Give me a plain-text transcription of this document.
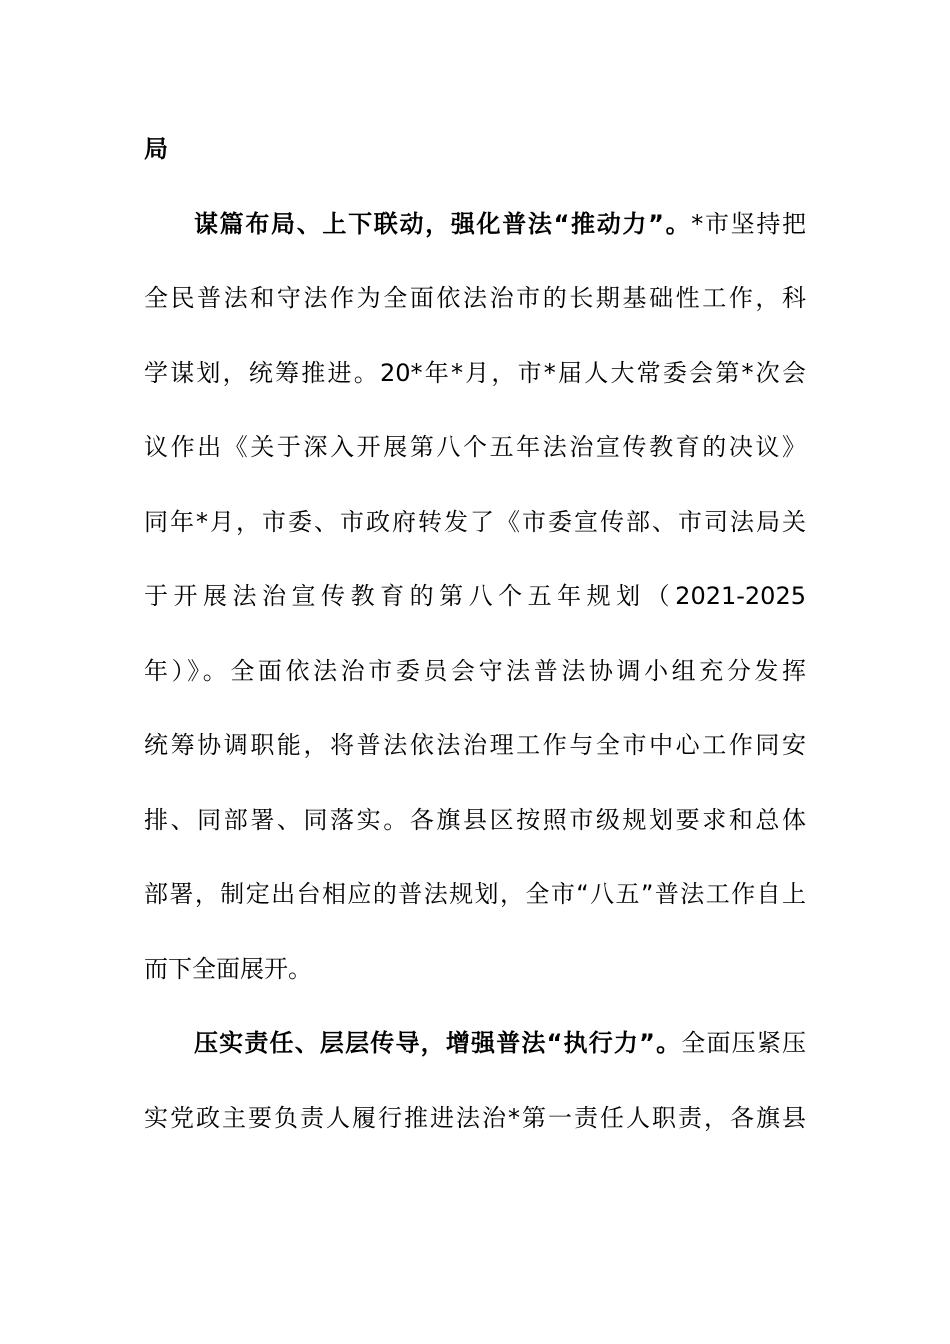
局
谋篇布局、上下联动，强化普法“推动力”。*市坚持把
全民普法和守法作为全面依法治市的长期基础性工作，科
学谋划，统筹推进。20*年*月，市*届人大常委会第*次会
议作出《关于深入开展第八个五年法治宣传教育的决议》
同年*月，市委、市政府转发了《市委宣传部、市司法局关
于开展法治宣传教育的第八个五年规划（2021-2025
年）》。全面依法治市委员会守法普法协调小组充分发挥
统筹协调职能，将普法依法治理工作与全市中心工作同安
排、同部署、同落实。各旗县区按照市级规划要求和总体
部署，制定出台相应的普法规划，全市“八五”普法工作自上
而下全面展开。
压实责任、层层传导，增强普法“执行力”。全面压紧压
实党政主要负责人履行推进法治*第一责任人职责，各旗县
